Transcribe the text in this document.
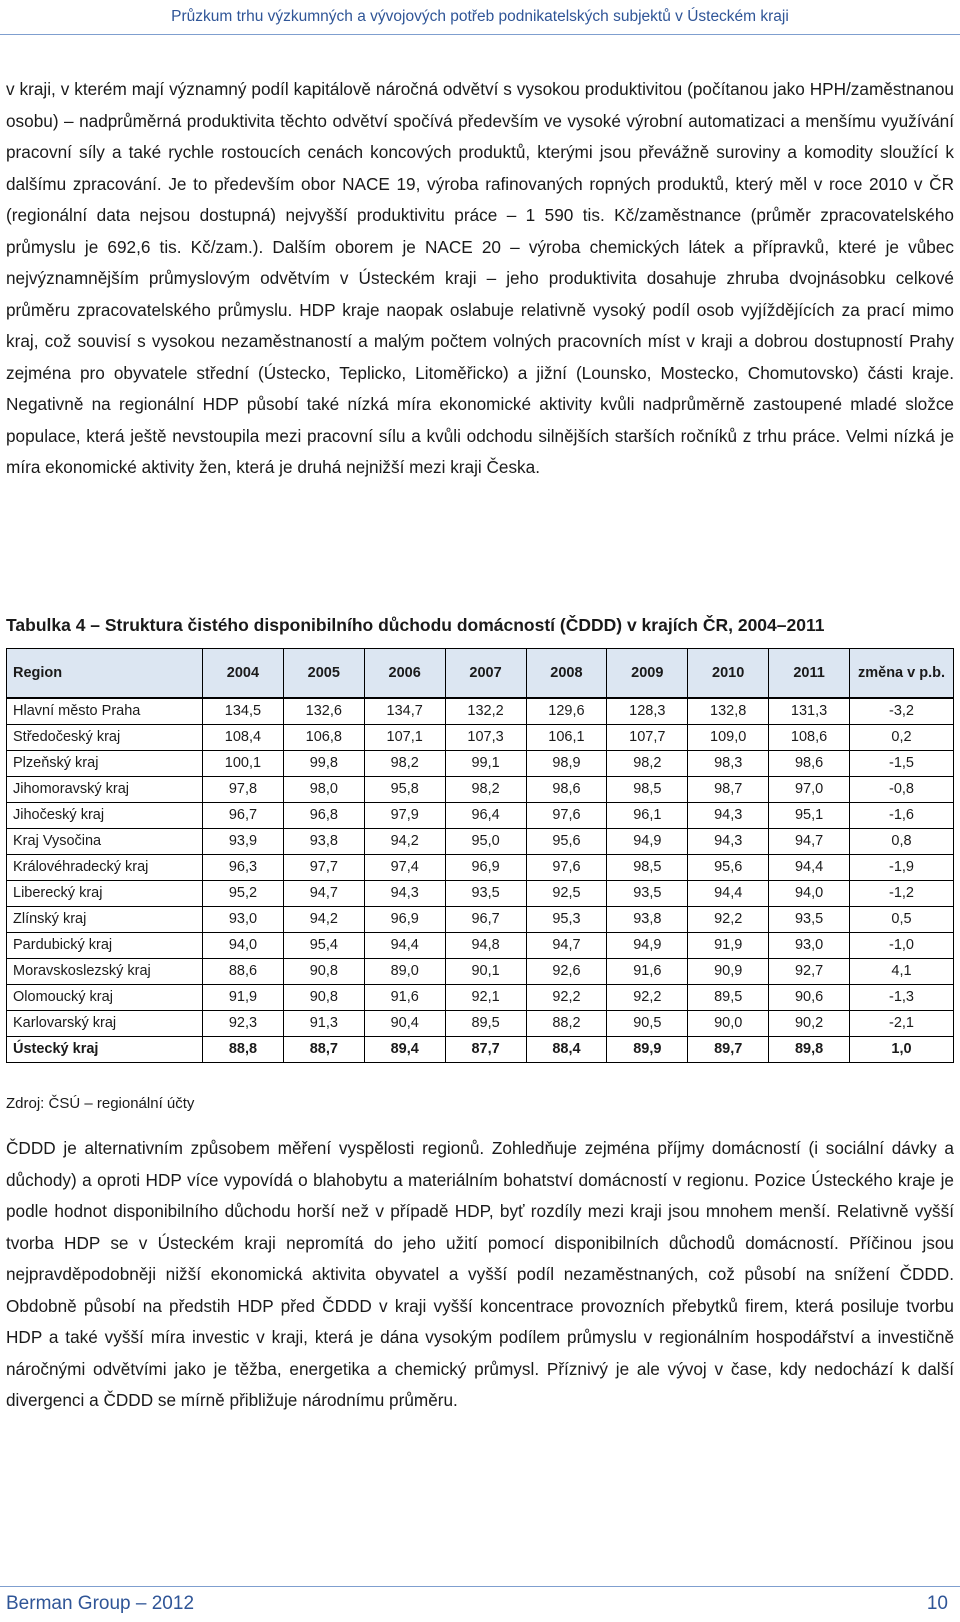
Průzkum trhu výzkumných a vývojových potřeb podnikatelských subjektů v Ústeckém kraji

v kraji, v kterém mají významný podíl kapitálově náročná odvětví s vysokou produktivitou (počítanou jako HPH/zaměstnanou osobu) – nadprůměrná produktivita těchto odvětví spočívá především ve vysoké výrobní automatizaci a menšímu využívání pracovní síly a také rychle rostoucích cenách koncových produktů, kterými jsou převážně suroviny a komodity sloužící k dalšímu zpracování. Je to především obor NACE 19, výroba rafinovaných ropných produktů, který měl v roce 2010 v ČR (regionální data nejsou dostupná) nejvyšší produktivitu práce – 1 590 tis. Kč/zaměstnance (průměr zpracovatelského průmyslu je 692,6 tis. Kč/zam.). Dalším oborem je NACE 20 – výroba chemických látek a přípravků, které je vůbec nejvýznamnějším průmyslovým odvětvím v Ústeckém kraji – jeho produktivita dosahuje zhruba dvojnásobku celkové průměru zpracovatelského průmyslu. HDP kraje naopak oslabuje relativně vysoký podíl osob vyjíždějících za prací mimo kraj, což souvisí s vysokou nezaměstnaností a malým počtem volných pracovních míst v kraji a dobrou dostupností Prahy zejména pro obyvatele střední (Ústecko, Teplicko, Litoměřicko) a jižní (Lounsko, Mostecko, Chomutovsko) části kraje. Negativně na regionální HDP působí také nízká míra ekonomické aktivity kvůli nadprůměrně zastoupené mladé složce populace, která ještě nevstoupila mezi pracovní sílu a kvůli odchodu silnějších starších ročníků z trhu práce. Velmi nízká je míra ekonomické aktivity žen, která je druhá nejnižší mezi kraji Česka.

Tabulka 4 – Struktura čistého disponibilního důchodu domácností (ČDDD) v krajích ČR, 2004–2011

Region	2004	2005	2006	2007	2008	2009	2010	2011	změna v p.b.
Hlavní město Praha	134,5	132,6	134,7	132,2	129,6	128,3	132,8	131,3	-3,2
Středočeský kraj	108,4	106,8	107,1	107,3	106,1	107,7	109,0	108,6	0,2
Plzeňský kraj	100,1	99,8	98,2	99,1	98,9	98,2	98,3	98,6	-1,5
Jihomoravský kraj	97,8	98,0	95,8	98,2	98,6	98,5	98,7	97,0	-0,8
Jihočeský kraj	96,7	96,8	97,9	96,4	97,6	96,1	94,3	95,1	-1,6
Kraj Vysočina	93,9	93,8	94,2	95,0	95,6	94,9	94,3	94,7	0,8
Královéhradecký kraj	96,3	97,7	97,4	96,9	97,6	98,5	95,6	94,4	-1,9
Liberecký kraj	95,2	94,7	94,3	93,5	92,5	93,5	94,4	94,0	-1,2
Zlínský kraj	93,0	94,2	96,9	96,7	95,3	93,8	92,2	93,5	0,5
Pardubický kraj	94,0	95,4	94,4	94,8	94,7	94,9	91,9	93,0	-1,0
Moravskoslezský kraj	88,6	90,8	89,0	90,1	92,6	91,6	90,9	92,7	4,1
Olomoucký kraj	91,9	90,8	91,6	92,1	92,2	92,2	89,5	90,6	-1,3
Karlovarský kraj	92,3	91,3	90,4	89,5	88,2	90,5	90,0	90,2	-2,1
Ústecký kraj	88,8	88,7	89,4	87,7	88,4	89,9	89,7	89,8	1,0
Zdroj: ČSÚ – regionální účty

ČDDD je alternativním způsobem měření vyspělosti regionů. Zohledňuje zejména příjmy domácností (i sociální dávky a důchody) a oproti HDP více vypovídá o blahobytu a materiálním bohatství domácností v regionu. Pozice Ústeckého kraje je podle hodnot disponibilního důchodu horší než v případě HDP, byť rozdíly mezi kraji jsou mnohem menší. Relativně vyšší tvorba HDP se v Ústeckém kraji nepromítá do jeho užití pomocí disponibilních důchodů domácností. Příčinou jsou nejpravděpodobněji nižší ekonomická aktivita obyvatel a vyšší podíl nezaměstnaných, což působí na snížení ČDDD. Obdobně působí na předstih HDP před ČDDD v kraji vyšší koncentrace provozních přebytků firem, která posiluje tvorbu HDP a také vyšší míra investic v kraji, která je dána vysokým podílem průmyslu v regionálním hospodářství a investičně náročnými odvětvími jako je těžba, energetika a chemický průmysl. Příznivý je ale vývoj v čase, kdy nedochází k další divergenci a ČDDD se mírně přibližuje národnímu průměru.

Berman Group – 2012	10
